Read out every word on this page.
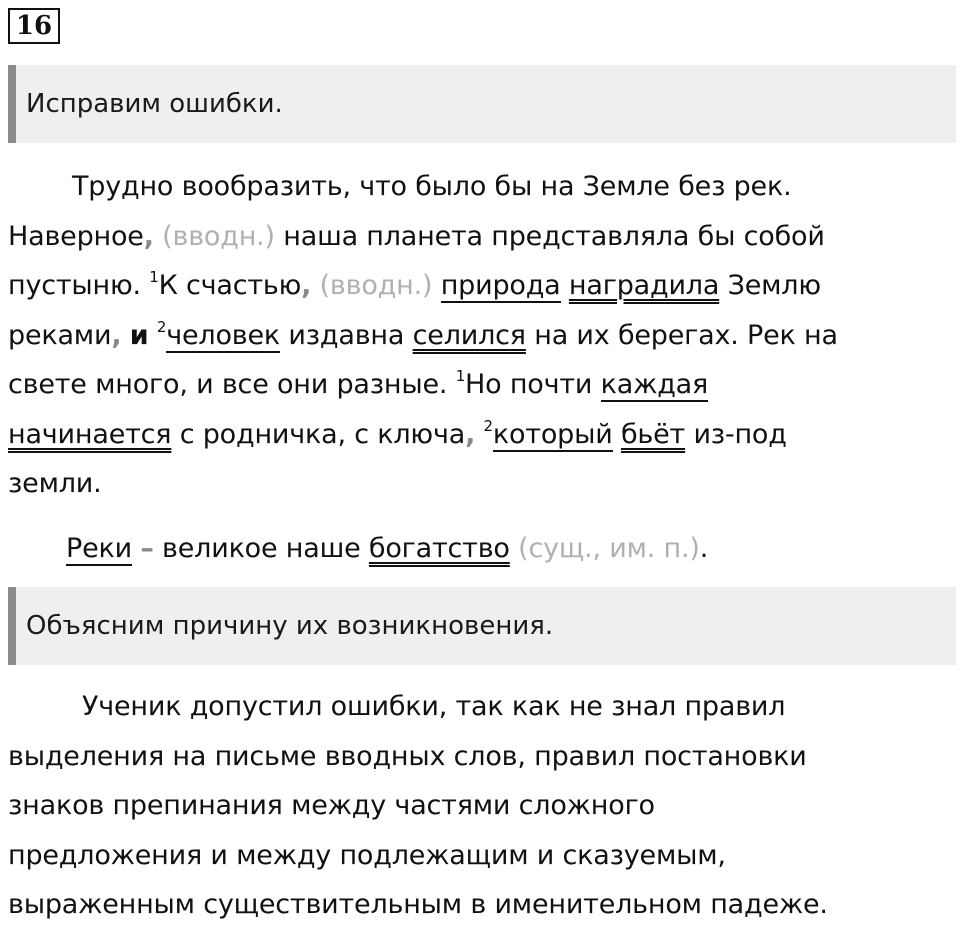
16
Исправим ошибки.
Трудно вообразить, что было бы на Земле без рек.
Наверное, (вводн.) наша планета представляла бы собой
пустыню. $^1$К счастью, (вводн.) природа наградила Землю
реками, и $^2$человек издавна селился на их берегах. Рек на
свете много, и все они разные. $^1$Но почти каждая
начинается с родничка, с ключа, $^2$который бьёт из-под
земли.
Реки – великое наше богатство (сущ., им. п.).
Объясним причину их возникновения.
Ученик допустил ошибки, так как не знал правил
выделения на письме вводных слов, правил постановки
знаков препинания между частями сложного
предложения и между подлежащим и сказуемым,
выраженным существительным в именительном падеже.
